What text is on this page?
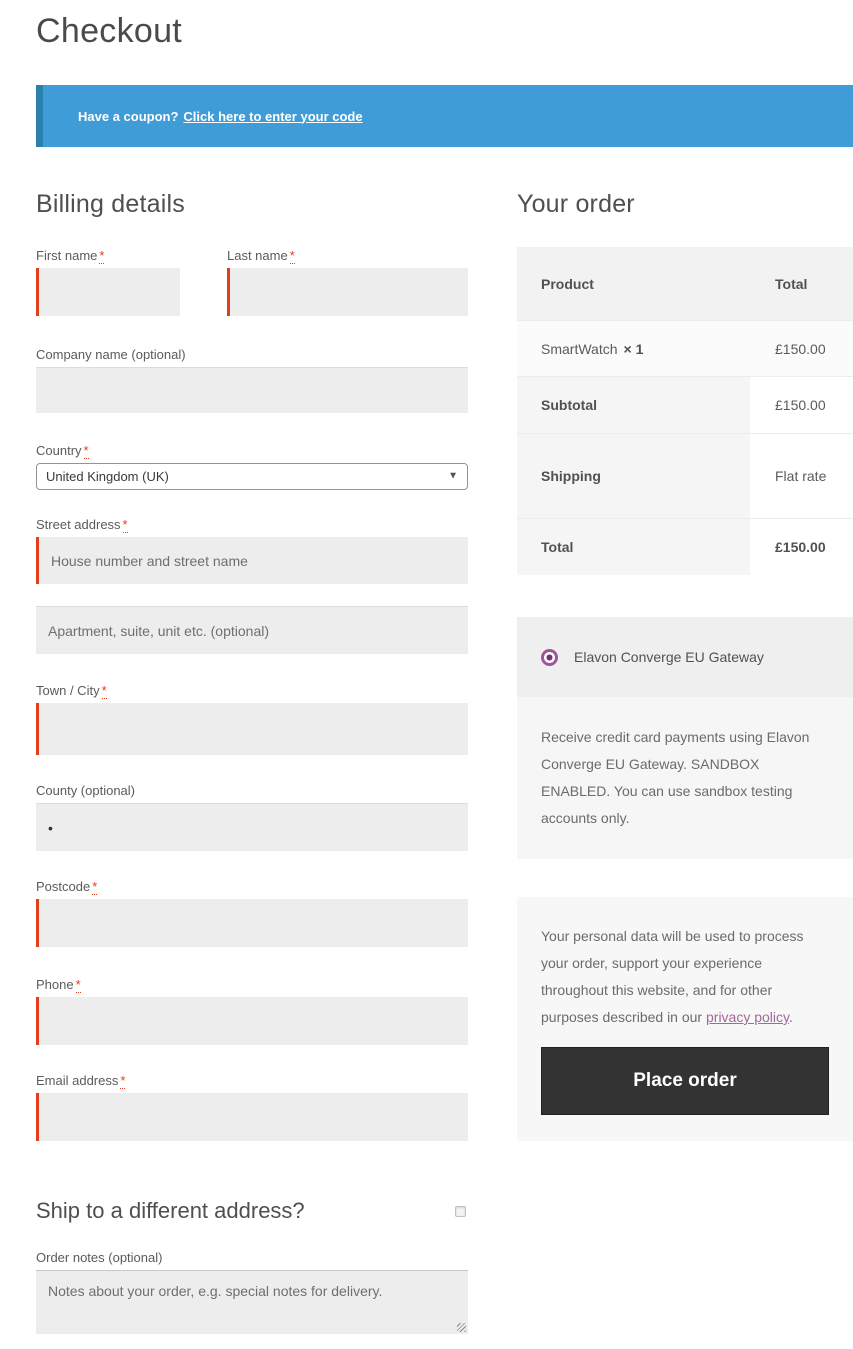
Checkout
Have a coupon? Click here to enter your code
Billing details
First name *	Last name *
Company name (optional)
Country *
United Kingdom (UK)	▼
Street address *
House number and street name
Apartment, suite, unit etc. (optional)
Town / City *
County (optional)
•
Postcode *
Phone *
Email address *
Ship to a different address?
Order notes (optional)
Notes about your order, e.g. special notes for delivery.
Your order
Product	Total
SmartWatch × 1	£150.00
Subtotal	£150.00
Shipping	Flat rate
Total	£150.00
Elavon Converge EU Gateway
Receive credit card payments using Elavon Converge EU Gateway. SANDBOX ENABLED. You can use sandbox testing accounts only.

Your personal data will be used to process your order, support your experience throughout this website, and for other purposes described in our privacy policy.

Place order
